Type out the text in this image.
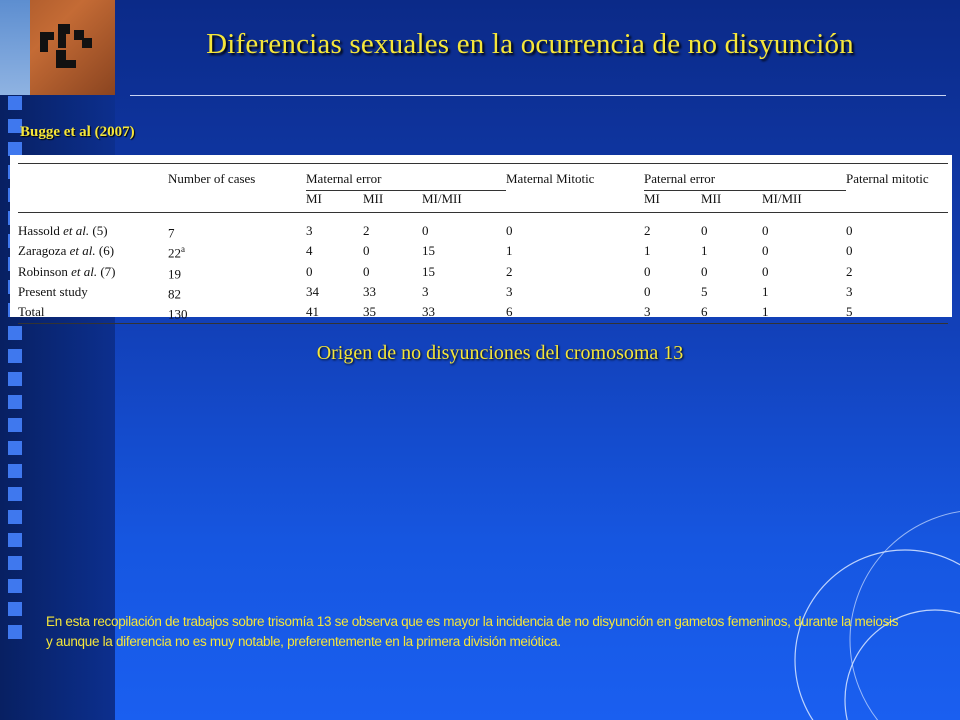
Diferencias sexuales en la ocurrencia de no disyunción
Bugge et al (2007)
	Number of cases	Maternal error			Maternal Mitotic	Paternal error			Paternal mitotic
		MI	MII	MI/MII		MI	MII	MI/MII	
Hassold et al. (5)	7	3	2	0	0	2	0	0	0
Zaragoza et al. (6)	22$^a$	4	0	15	1	1	1	0	0
Robinson et al. (7)	19	0	0	15	2	0	0	0	2
Present study	82	34	33	3	3	0	5	1	3
Total	130	41	35	33	6	3	6	1	5
Origen de no disyunciones del cromosoma 13
En esta recopilación de trabajos sobre trisomía 13 se observa que es mayor la incidencia de no disyunción en gametos femeninos, durante la meiosis y aunque la diferencia no es muy notable, preferentemente en la primera división meiótica.
